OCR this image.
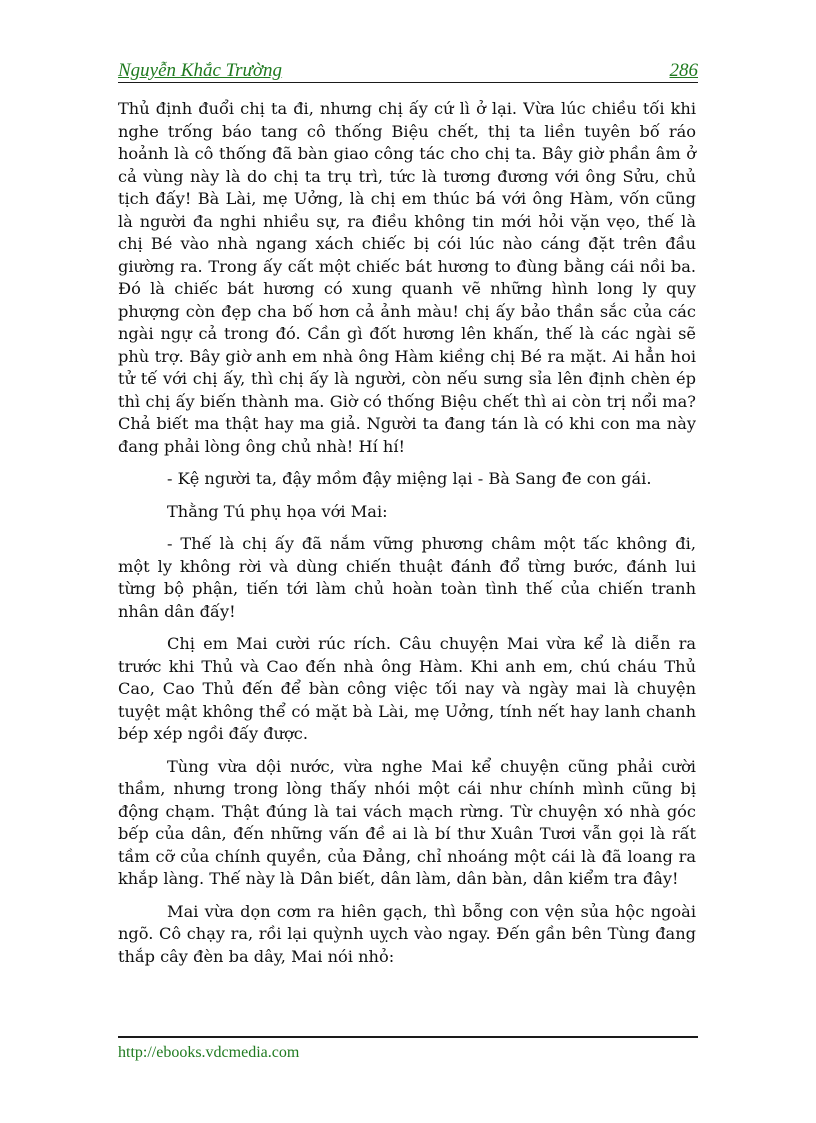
Nguyễn Khắc Trường	286

Thủ định đuổi chị ta đi, nhưng chị ấy cứ lì ở lại. Vừa lúc chiều tối khi nghe trống báo tang cô thống Biệu chết, thị ta liền tuyên bố ráo hoảnh là cô thống đã bàn giao công tác cho chị ta. Bây giờ phần âm ở cả vùng này là do chị ta trụ trì, tức là tương đương với ông Sửu, chủ tịch đấy! Bà Lài, mẹ Uởng, là chị em thúc bá với ông Hàm, vốn cũng là người đa nghi nhiều sự, ra điều không tin mới hỏi vặn vẹo, thế là chị Bé vào nhà ngang xách chiếc bị cói lúc nào cáng đặt trên đầu giường ra. Trong ấy cất một chiếc bát hương to đùng bằng cái nồi ba. Đó là chiếc bát hương có xung quanh vẽ những hình long ly quy phượng còn đẹp cha bố hơn cả ảnh màu! chị ấy bảo thần sắc của các ngài ngự cả trong đó. Cần gì đốt hương lên khấn, thế là các ngài sẽ phù trợ. Bây giờ anh em nhà ông Hàm kiềng chị Bé ra mặt. Ai hẳn hoi tử tế với chị ấy, thì chị ấy là người, còn nếu sưng sỉa lên định chèn ép thì chị ấy biến thành ma. Giờ có thống Biệu chết thì ai còn trị nổi ma? Chả biết ma thật hay ma giả. Người ta đang tán là có khi con ma này đang phải lòng ông chủ nhà! Hí hí!

- Kệ người ta, đậy mồm đậy miệng lại - Bà Sang đe con gái.

Thằng Tú phụ họa với Mai:

- Thế là chị ấy đã nắm vững phương châm một tấc không đi, một ly không rời và dùng chiến thuật đánh đổ từng bước, đánh lui từng bộ phận, tiến tới làm chủ hoàn toàn tình thế của chiến tranh nhân dân đấy!

Chị em Mai cười rúc rích. Câu chuyện Mai vừa kể là diễn ra trước khi Thủ và Cao đến nhà ông Hàm. Khi anh em, chú cháu Thủ Cao, Cao Thủ đến để bàn công việc tối nay và ngày mai là chuyện tuyệt mật không thể có mặt bà Lài, mẹ Uởng, tính nết hay lanh chanh bép xép ngồi đấy được.

Tùng vừa dội nước, vừa nghe Mai kể chuyện cũng phải cười thầm, nhưng trong lòng thấy nhói một cái như chính mình cũng bị động chạm. Thật đúng là tai vách mạch rừng. Từ chuyện xó nhà góc bếp của dân, đến những vấn đề ai là bí thư Xuân Tươi vẫn gọi là rất tầm cỡ của chính quyền, của Đảng, chỉ nhoáng một cái là đã loang ra khắp làng. Thế này là Dân biết, dân làm, dân bàn, dân kiểm tra đây!

Mai vừa dọn cơm ra hiên gạch, thì bỗng con vện sủa hộc ngoài ngõ. Cô chạy ra, rồi lại quỳnh uỵch vào ngay. Đến gần bên Tùng đang thắp cây đèn ba dây, Mai nói nhỏ:

http://ebooks.vdcmedia.com
